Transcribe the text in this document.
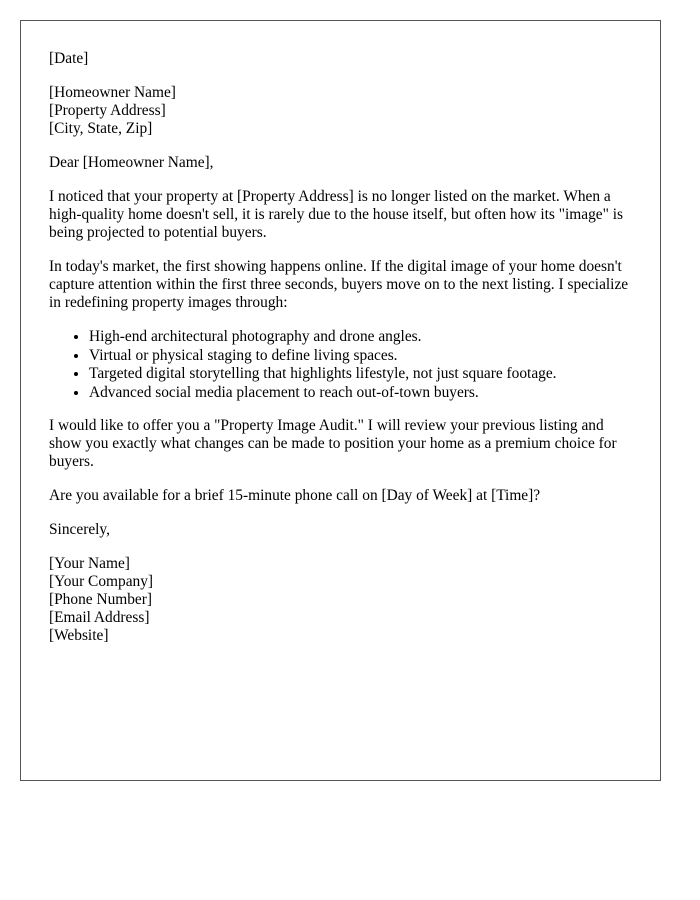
[Date]
[Homeowner Name]
[Property Address]
[City, State, Zip]

Dear [Homeowner Name],

I noticed that your property at [Property Address] is no longer listed on the market. When a high-quality home doesn't sell, it is rarely due to the house itself, but often how its "image" is being projected to potential buyers.

In today's market, the first showing happens online. If the digital image of your home doesn't capture attention within the first three seconds, buyers move on to the next listing. I specialize in redefining property images through:

• High-end architectural photography and drone angles.
• Virtual or physical staging to define living spaces.
• Targeted digital storytelling that highlights lifestyle, not just square footage.
• Advanced social media placement to reach out-of-town buyers.

I would like to offer you a "Property Image Audit." I will review your previous listing and show you exactly what changes can be made to position your home as a premium choice for buyers.

Are you available for a brief 15-minute phone call on [Day of Week] at [Time]?

Sincerely,

[Your Name]
[Your Company]
[Phone Number]
[Email Address]
[Website]
